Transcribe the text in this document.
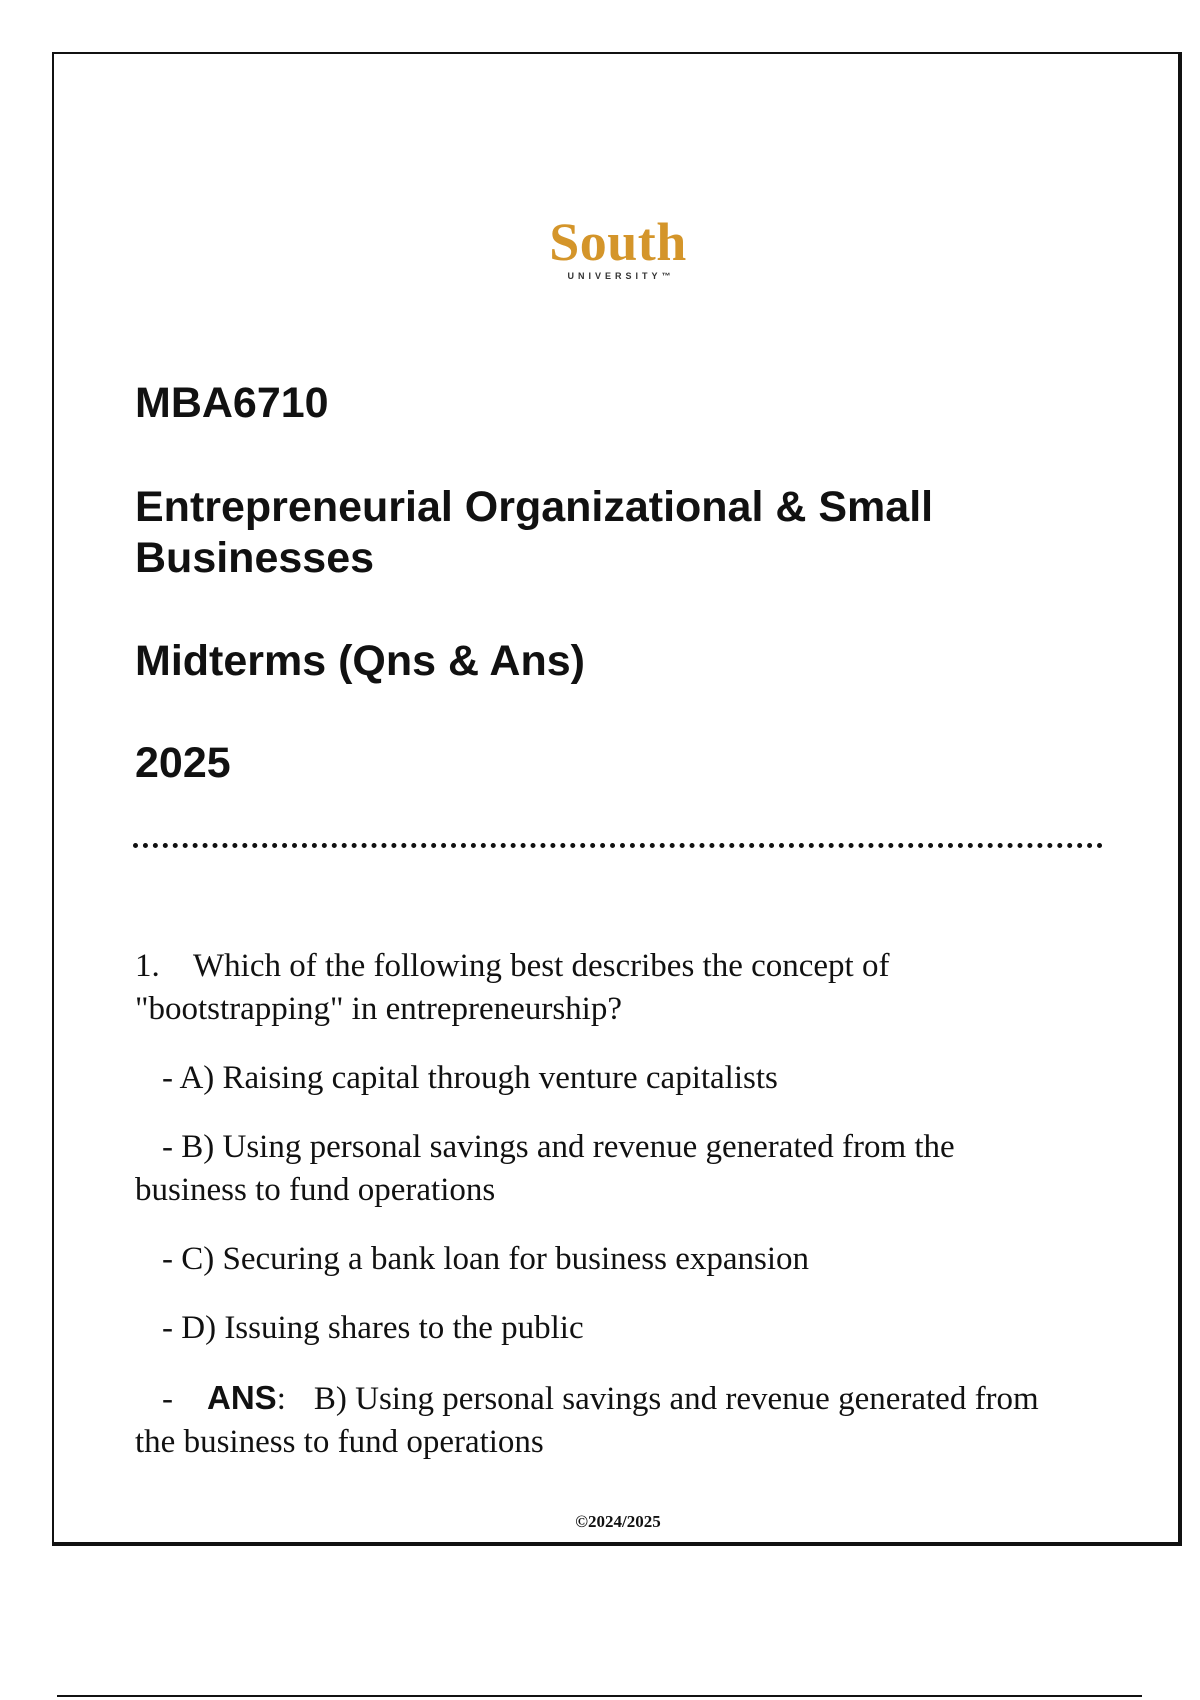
South
UNIVERSITY™
MBA6710
Entrepreneurial Organizational & Small Businesses
Midterms (Qns & Ans)
2025

1. Which of the following best describes the concept of "bootstrapping" in entrepreneurship?

- A) Raising capital through venture capitalists

- B) Using personal savings and revenue generated from the business to fund operations

- C) Securing a bank loan for business expansion

- D) Issuing shares to the public

- ANS: B) Using personal savings and revenue generated from the business to fund operations

©2024/2025
